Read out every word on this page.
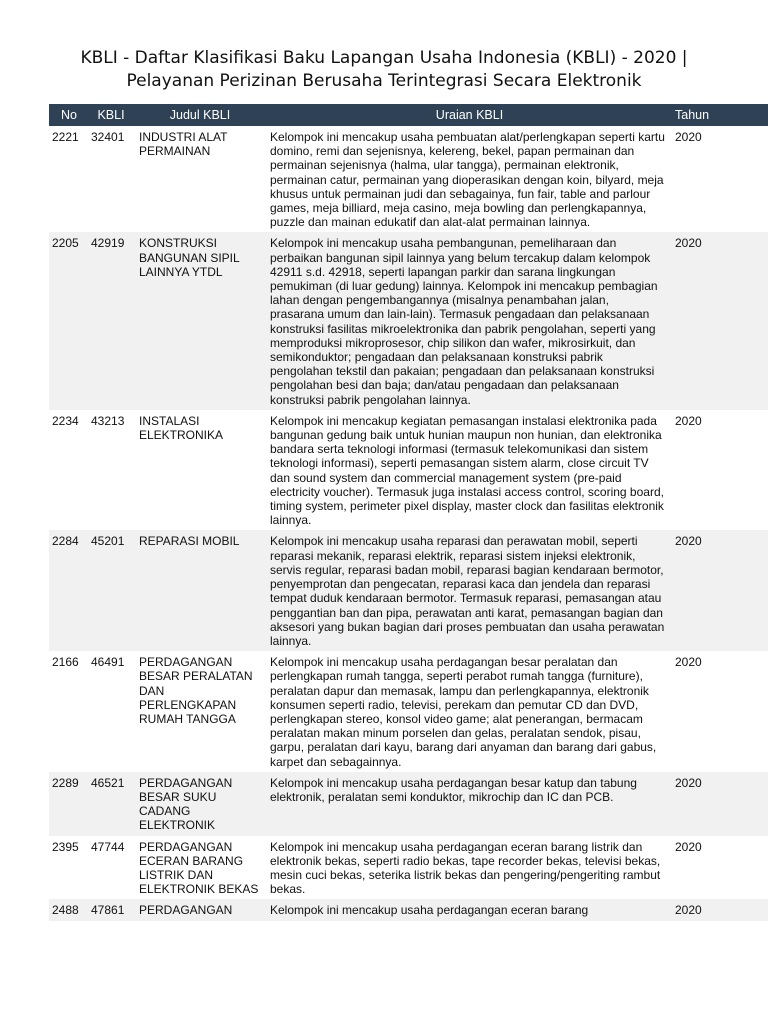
KBLI - Daftar Klasifikasi Baku Lapangan Usaha Indonesia (KBLI) - 2020 |
Pelayanan Perizinan Berusaha Terintegrasi Secara Elektronik
No	KBLI	Judul KBLI	Uraian KBLI	Tahun
2221	32401	INDUSTRI ALAT PERMAINAN	Kelompok ini mencakup usaha pembuatan alat/perlengkapan seperti kartu domino, remi dan sejenisnya, kelereng, bekel, papan permainan dan permainan sejenisnya (halma, ular tangga), permainan elektronik, permainan catur, permainan yang dioperasikan dengan koin, bilyard, meja khusus untuk permainan judi dan sebagainya, fun fair, table and parlour games, meja billiard, meja casino, meja bowling dan perlengkapannya, puzzle dan mainan edukatif dan alat-alat permainan lainnya.	2020
2205	42919	KONSTRUKSI BANGUNAN SIPIL LAINNYA YTDL	Kelompok ini mencakup usaha pembangunan, pemeliharaan dan perbaikan bangunan sipil lainnya yang belum tercakup dalam kelompok 42911 s.d. 42918, seperti lapangan parkir dan sarana lingkungan pemukiman (di luar gedung) lainnya. Kelompok ini mencakup pembagian lahan dengan pengembangannya (misalnya penambahan jalan, prasarana umum dan lain-lain). Termasuk pengadaan dan pelaksanaan konstruksi fasilitas mikroelektronika dan pabrik pengolahan, seperti yang memproduksi mikroprosesor, chip silikon dan wafer, mikrosirkuit, dan semikonduktor; pengadaan dan pelaksanaan konstruksi pabrik pengolahan tekstil dan pakaian; pengadaan dan pelaksanaan konstruksi pengolahan besi dan baja; dan/atau pengadaan dan pelaksanaan konstruksi pabrik pengolahan lainnya.	2020
2234	43213	INSTALASI ELEKTRONIKA	Kelompok ini mencakup kegiatan pemasangan instalasi elektronika pada bangunan gedung baik untuk hunian maupun non hunian, dan elektronika bandara serta teknologi informasi (termasuk telekomunikasi dan sistem teknologi informasi), seperti pemasangan sistem alarm, close circuit TV dan sound system dan commercial management system (pre-paid electricity voucher). Termasuk juga instalasi access control, scoring board, timing system, perimeter pixel display, master clock dan fasilitas elektronik lainnya.	2020
2284	45201	REPARASI MOBIL	Kelompok ini mencakup usaha reparasi dan perawatan mobil, seperti reparasi mekanik, reparasi elektrik, reparasi sistem injeksi elektronik, servis regular, reparasi badan mobil, reparasi bagian kendaraan bermotor, penyemprotan dan pengecatan, reparasi kaca dan jendela dan reparasi tempat duduk kendaraan bermotor. Termasuk reparasi, pemasangan atau penggantian ban dan pipa, perawatan anti karat, pemasangan bagian dan aksesori yang bukan bagian dari proses pembuatan dan usaha perawatan lainnya.	2020
2166	46491	PERDAGANGAN BESAR PERALATAN DAN PERLENGKAPAN RUMAH TANGGA	Kelompok ini mencakup usaha perdagangan besar peralatan dan perlengkapan rumah tangga, seperti perabot rumah tangga (furniture), peralatan dapur dan memasak, lampu dan perlengkapannya, elektronik konsumen seperti radio, televisi, perekam dan pemutar CD dan DVD, perlengkapan stereo, konsol video game; alat penerangan, bermacam peralatan makan minum porselen dan gelas, peralatan sendok, pisau, garpu, peralatan dari kayu, barang dari anyaman dan barang dari gabus, karpet dan sebagainnya.	2020
2289	46521	PERDAGANGAN BESAR SUKU CADANG ELEKTRONIK	Kelompok ini mencakup usaha perdagangan besar katup dan tabung elektronik, peralatan semi konduktor, mikrochip dan IC dan PCB.	2020
2395	47744	PERDAGANGAN ECERAN BARANG LISTRIK DAN ELEKTRONIK BEKAS	Kelompok ini mencakup usaha perdagangan eceran barang listrik dan elektronik bekas, seperti radio bekas, tape recorder bekas, televisi bekas, mesin cuci bekas, seterika listrik bekas dan pengering/pengeriting rambut bekas.	2020
2488	47861	PERDAGANGAN	Kelompok ini mencakup usaha perdagangan eceran barang	2020
